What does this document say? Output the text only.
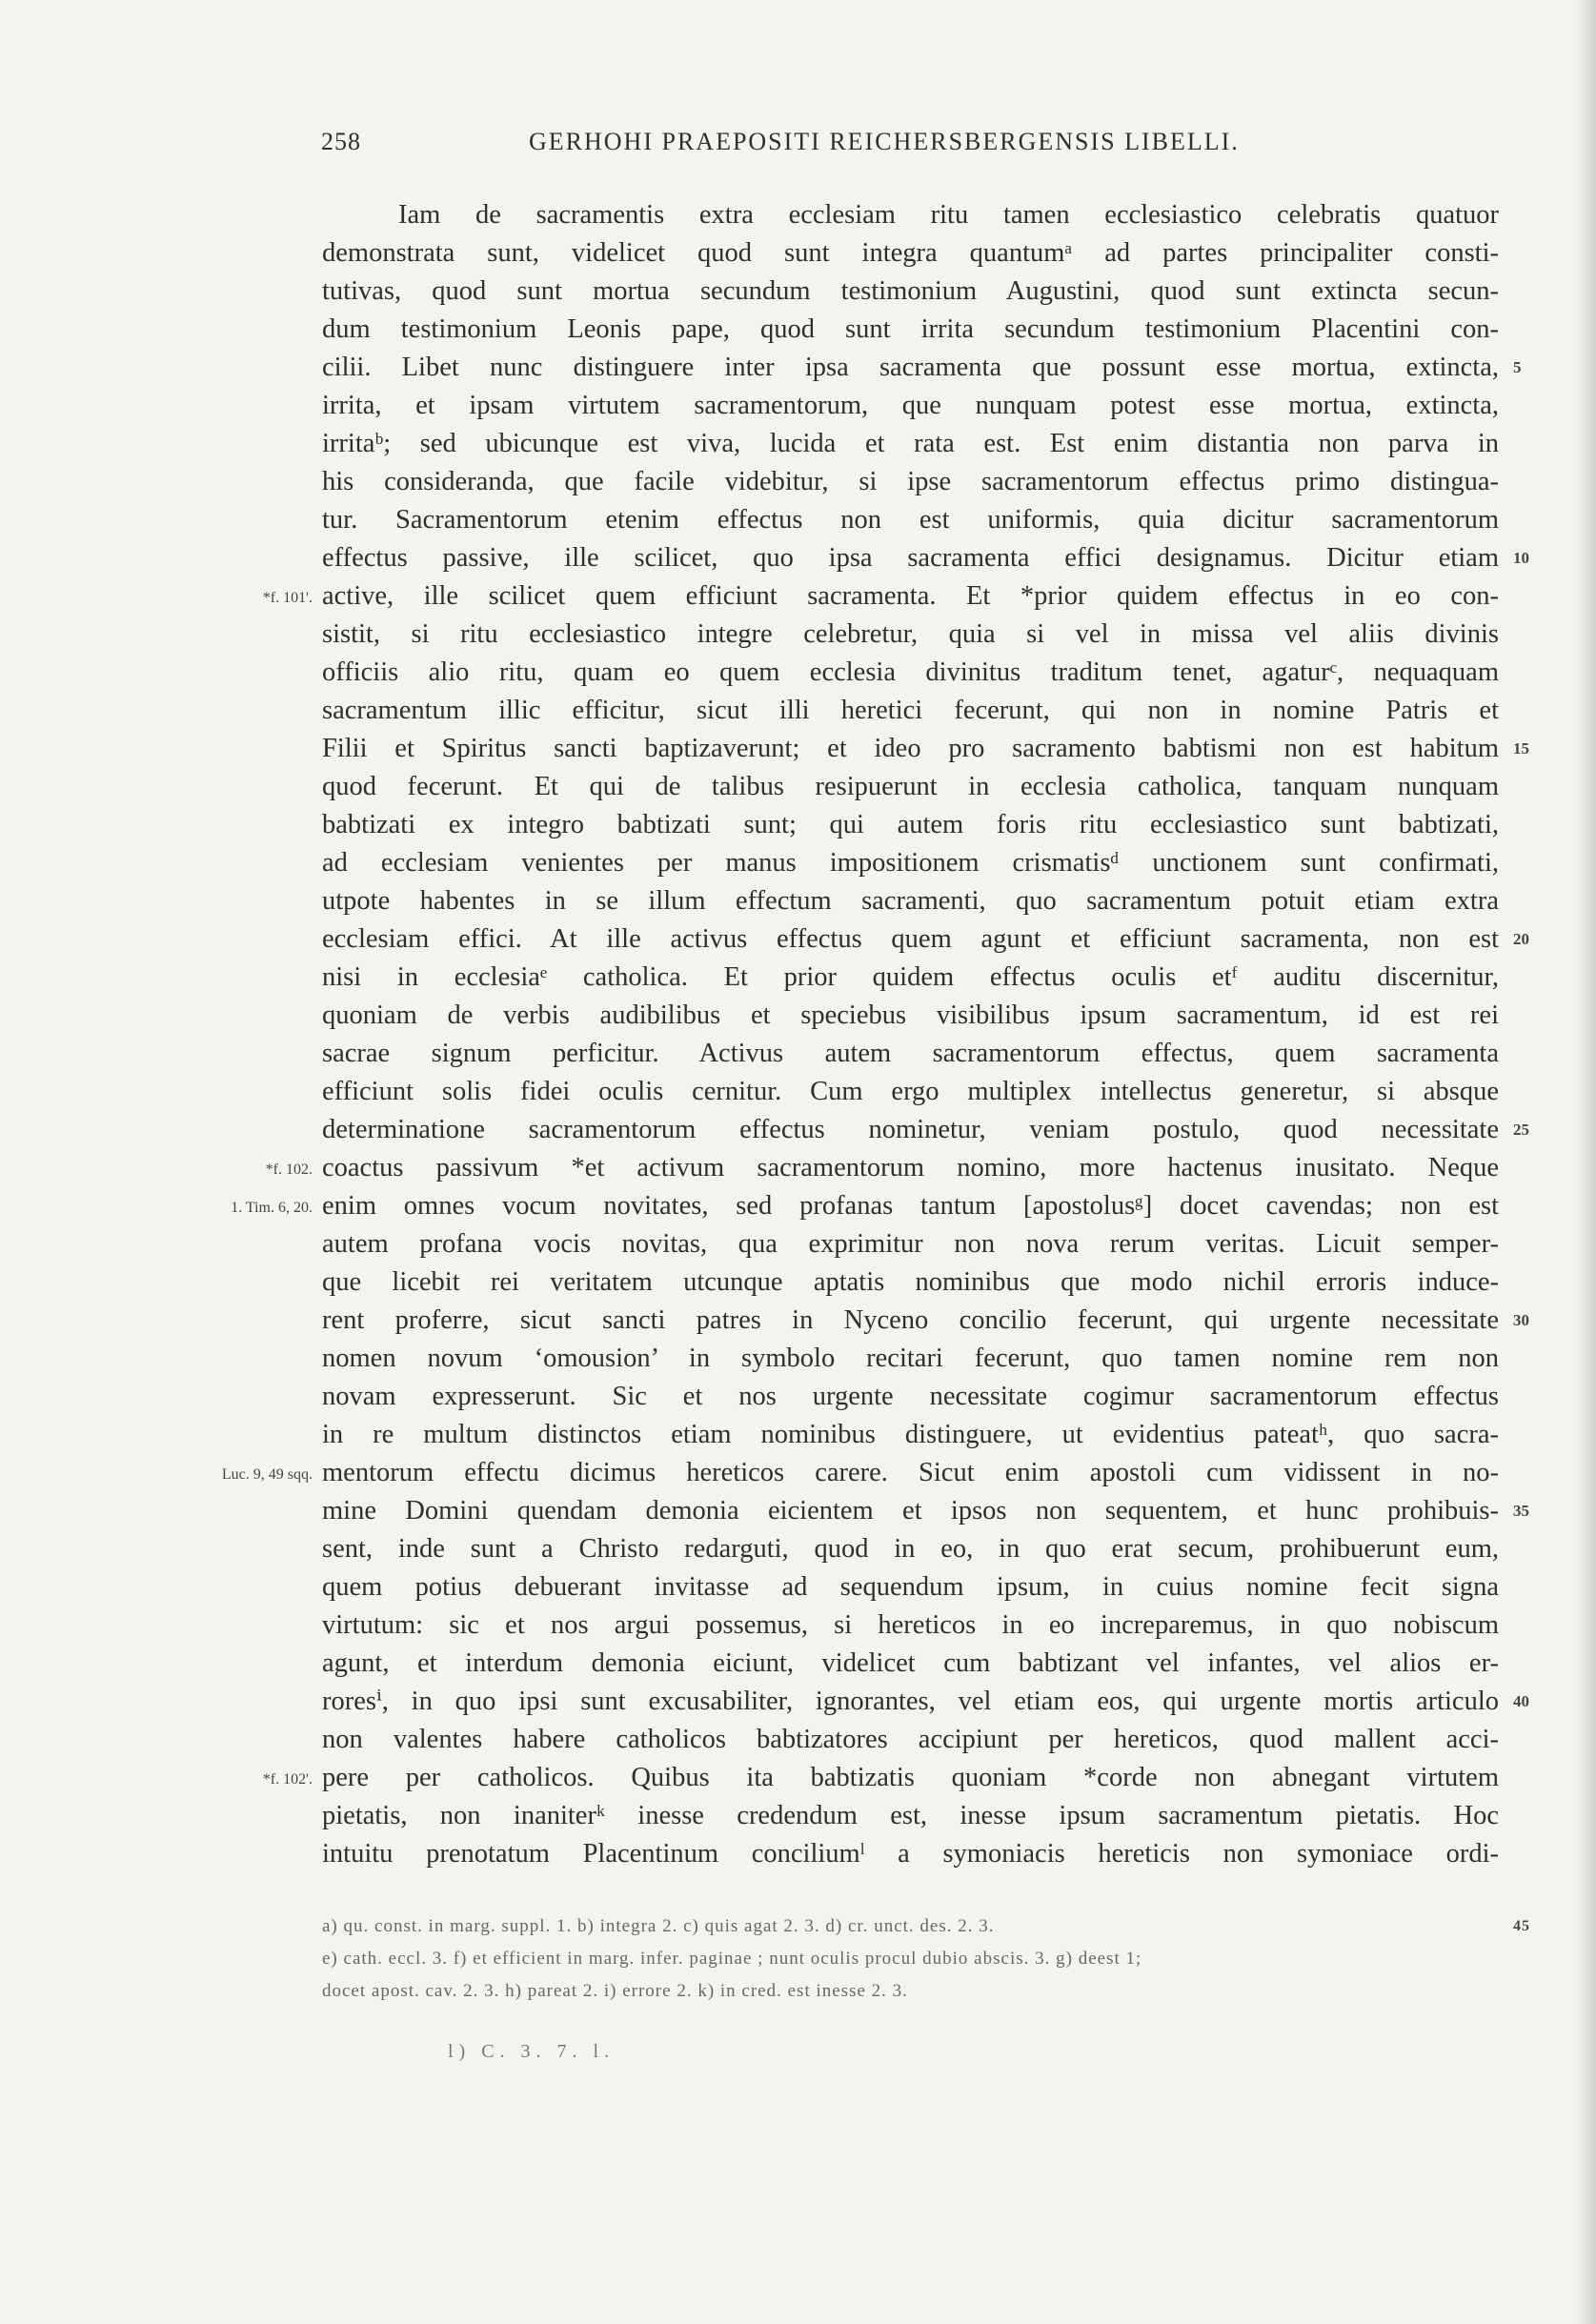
258	GERHOHI PRAEPOSITI REICHERSBERGENSIS LIBELLI.
Iam de sacramentis extra ecclesiam ritu tamen ecclesiastico celebratis quatuor
demonstrata sunt, videlicet quod sunt integra quantumᵃ ad partes principaliter consti-
tutivas, quod sunt mortua secundum testimonium Augustini, quod sunt extincta secun-
dum testimonium Leonis pape, quod sunt irrita secundum testimonium Placentini con-
cilii. Libet nunc distinguere inter ipsa sacramenta que possunt esse mortua, extincta, 5
irrita, et ipsam virtutem sacramentorum, que nunquam potest esse mortua, extincta,
irritaᵇ; sed ubicunque est viva, lucida et rata est. Est enim distantia non parva in
his consideranda, que facile videbitur, si ipse sacramentorum effectus primo distingua-
tur. Sacramentorum etenim effectus non est uniformis, quia dicitur sacramentorum
effectus passive, ille scilicet, quo ipsa sacramenta effici designamus. Dicitur etiam 10
active, ille scilicet quem efficiunt sacramenta. Et *prior quidem effectus in eo con-
*f. 101'.
sistit, si ritu ecclesiastico integre celebretur, quia si vel in missa vel aliis divinis
officiis alio ritu, quam eo quem ecclesia divinitus traditum tenet, agaturᶜ, nequaquam
sacramentum illic efficitur, sicut illi heretici fecerunt, qui non in nomine Patris et
Filii et Spiritus sancti baptizaverunt; et ideo pro sacramento babtismi non est habitum 15
quod fecerunt. Et qui de talibus resipuerunt in ecclesia catholica, tanquam nunquam
babtizati ex integro babtizati sunt; qui autem foris ritu ecclesiastico sunt babtizati,
ad ecclesiam venientes per manus impositionem crismatisᵈ unctionem sunt confirmati,
utpote habentes in se illum effectum sacramenti, quo sacramentum potuit etiam extra
ecclesiam effici. At ille activus effectus quem agunt et efficiunt sacramenta, non est 20
nisi in ecclesiaᵉ catholica. Et prior quidem effectus oculis etᶠ auditu discernitur,
quoniam de verbis audibilibus et speciebus visibilibus ipsum sacramentum, id est rei
sacrae signum perficitur. Activus autem sacramentorum effectus, quem sacramenta
efficiunt solis fidei oculis cernitur. Cum ergo multiplex intellectus generetur, si absque
determinatione sacramentorum effectus nominetur, veniam postulo, quod necessitate 25
coactus passivum *et activum sacramentorum nomino, more hactenus inusitato. Neque
*f. 102.
enim omnes vocum novitates, sed profanas tantum [apostolusᵍ] docet cavendas; non est
1. Tim. 6, 20.
autem profana vocis novitas, qua exprimitur non nova rerum veritas. Licuit semper-
que licebit rei veritatem utcunque aptatis nominibus que modo nichil erroris induce-
rent proferre, sicut sancti patres in Nyceno concilio fecerunt, qui urgente necessitate 30
nomen novum ‘omousion’ in symbolo recitari fecerunt, quo tamen nomine rem non
novam expresserunt. Sic et nos urgente necessitate cogimur sacramentorum effectus
in re multum distinctos etiam nominibus distinguere, ut evidentius pateatʰ, quo sacra-
mentorum effectu dicimus hereticos carere. Sicut enim apostoli cum vidissent in no-
Luc. 9, 49 sqq.
mine Domini quendam demonia eicientem et ipsos non sequentem, et hunc prohibuis- 35
sent, inde sunt a Christo redarguti, quod in eo, in quo erat secum, prohibuerunt eum,
quem potius debuerant invitasse ad sequendum ipsum, in cuius nomine fecit signa
virtutum: sic et nos argui possemus, si hereticos in eo increparemus, in quo nobiscum
agunt, et interdum demonia eiciunt, videlicet cum babtizant vel infantes, vel alios er-
roresⁱ, in quo ipsi sunt excusabiliter, ignorantes, vel etiam eos, qui urgente mortis articulo 40
non valentes habere catholicos babtizatores accipiunt per hereticos, quod mallent acci-
pere per catholicos. Quibus ita babtizatis quoniam *corde non abnegant virtutem
*f. 102'.
pietatis, non inaniterᵏ inesse credendum est, inesse ipsum sacramentum pietatis. Hoc
intuitu prenotatum Placentinum conciliumˡ a symoniacis hereticis non symoniace ordi-
a) qu. const. in marg. suppl. 1. b) integra 2. c) quis agat 2. 3. d) cr. unct. des. 2. 3.	45
e) cath. eccl. 3. f) et efficient in marg. infer. paginae ; nunt oculis procul dubio abscis. 3. g) deest 1;
docet apost. cav. 2. 3. h) pareat 2. i) errore 2. k) in cred. est inesse 2. 3.
l) C. 3. 7. l.
